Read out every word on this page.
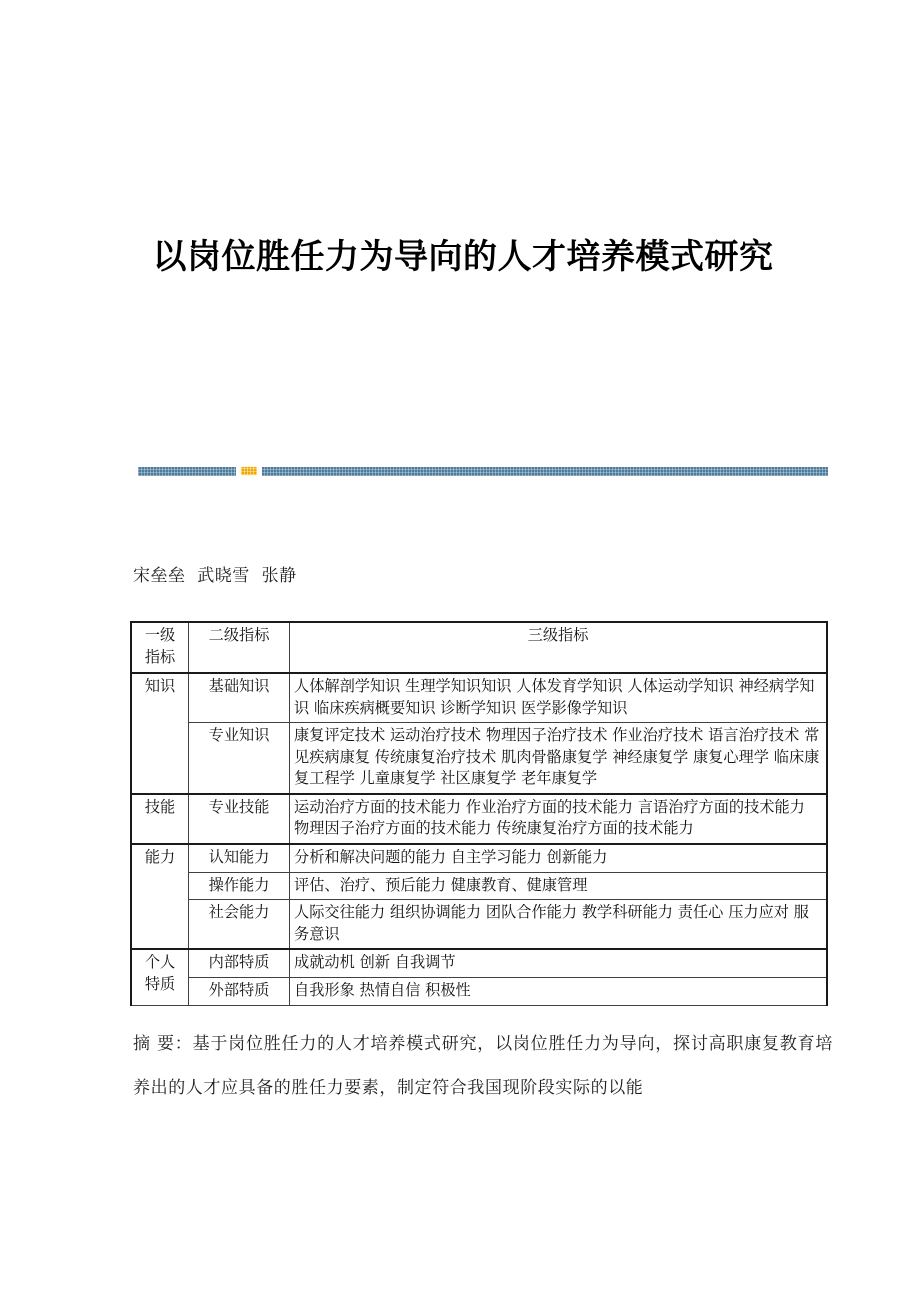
以岗位胜任力为导向的人才培养模式研究
宋垒垒  武晓雪  张静
一级
指标	二级指标	三级指标
知识	基础知识	人体解剖学知识 生理学知识知识 人体发育学知识 人体运动学知识 神经病学知识 临床疾病概要知识 诊断学知识 医学影像学知识
	专业知识	康复评定技术 运动治疗技术 物理因子治疗技术 作业治疗技术 语言治疗技术 常见疾病康复 传统康复治疗技术 肌肉骨骼康复学 神经康复学 康复心理学 临床康复工程学 儿童康复学 社区康复学 老年康复学
技能	专业技能	运动治疗方面的技术能力 作业治疗方面的技术能力 言语治疗方面的技术能力 物理因子治疗方面的技术能力 传统康复治疗方面的技术能力
能力	认知能力	分析和解决问题的能力 自主学习能力 创新能力
	操作能力	评估、治疗、预后能力 健康教育、健康管理
	社会能力	人际交往能力 组织协调能力 团队合作能力 教学科研能力 责任心 压力应对 服务意识

个人
特质	内部特质	成就动机 创新 自我调节
	外部特质	自我形象 热情自信 积极性
摘 要：基于岗位胜任力的人才培养模式研究，以岗位胜任力为导向，探讨高职康复教育培养出的人才应具备的胜任力要素，制定符合我国现阶段实际的以能
